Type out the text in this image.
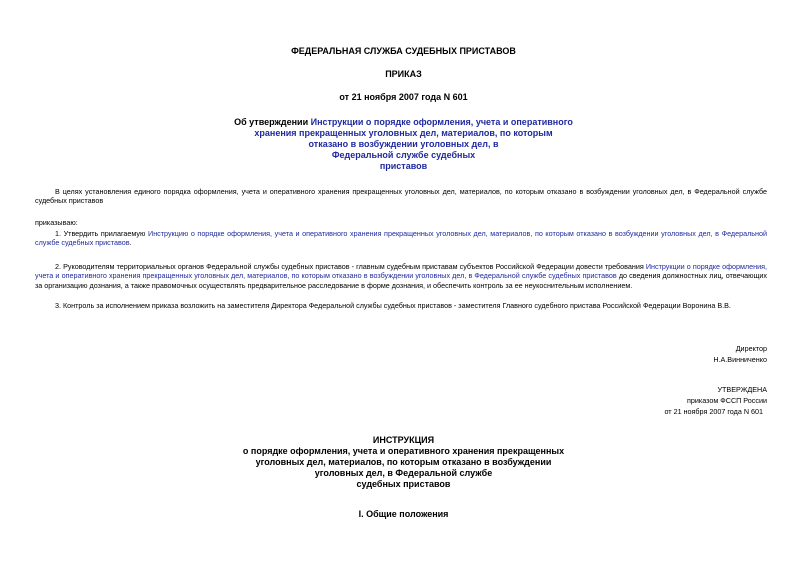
ФЕДЕРАЛЬНАЯ СЛУЖБА СУДЕБНЫХ ПРИСТАВОВ
ПРИКАЗ
от 21 ноября 2007 года N 601
Об утверждении Инструкции о порядке оформления, учета и оперативного
хранения прекращенных уголовных дел, материалов, по которым
отказано в возбуждении уголовных дел, в
Федеральной службе судебных
приставов
В целях установления единого порядка оформления, учета и оперативного хранения прекращенных уголовных дел, материалов, по которым отказано в возбуждении уголовных дел, в Федеральной службе судебных приставов
приказываю:
1. Утвердить прилагаемую Инструкцию о порядке оформления, учета и оперативного хранения прекращенных уголовных дел, материалов, по которым отказано в возбуждении уголовных дел, в Федеральной службе судебных приставов.
2. Руководителям территориальных органов Федеральной службы судебных приставов - главным судебным приставам субъектов Российской Федерации довести требования Инструкции о порядке оформления, учета и оперативного хранения прекращенных уголовных дел, материалов, по которым отказано в возбуждении уголовных дел, в Федеральной службе судебных приставов до сведения должностных лиц, отвечающих за организацию дознания, а также правомочных осуществлять предварительное расследование в форме дознания, и обеспечить контроль за ее неукоснительным исполнением.
3. Контроль за исполнением приказа возложить на заместителя Директора Федеральной службы судебных приставов - заместителя Главного судебного пристава Российской Федерации Воронина В.В.
Директор
Н.А.Винниченко
УТВЕРЖДЕНА
приказом ФССП России
от 21 ноября 2007 года N 601
ИНСТРУКЦИЯ
о порядке оформления, учета и оперативного хранения прекращенных
уголовных дел, материалов, по которым отказано в возбуждении
уголовных дел, в Федеральной службе
судебных приставов
I. Общие положения
